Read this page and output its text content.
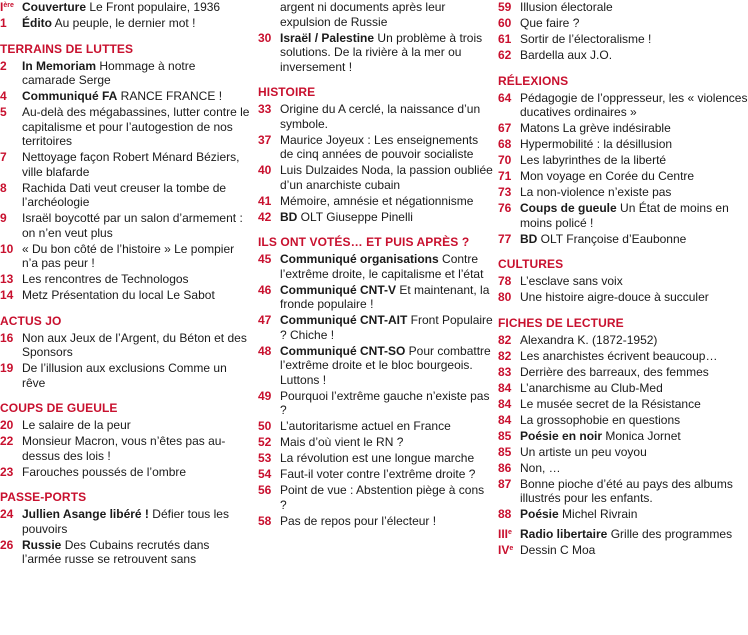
Ière Couverture Le Front populaire, 1936
1	Édito Au peuple, le dernier mot !
TERRAINS DE LUTTES
2	In Memoriam Hommage à notre camarade Serge
4	Communiqué FA RANCE FRANCE !
5	Au-delà des mégabassines, lutter contre le capitalisme et pour l’autogestion de nos territoires
7	Nettoyage façon Robert Ménard Béziers, ville blafarde
8	Rachida Dati veut creuser la tombe de l’archéologie
9	Israël boycotté par un salon d’armement : on n’en veut plus
10 « Du bon côté de l’histoire » Le pompier n’a pas peur !
13 Les rencontres de Technologos
14 Metz Présentation du local Le Sabot
ACTUS JO
16 Non aux Jeux de l’Argent, du Béton et des Sponsors
19 De l’illusion aux exclusions Comme un rêve
COUPS DE GUEULE
20 Le salaire de la peur
22 Monsieur Macron, vous n’êtes pas au-dessus des lois !
23 Farouches poussés de l’ombre
PASSE-PORTS
24 Jullien Asange libéré ! Défier tous les pouvoirs
26 Russie Des Cubains recrutés dans l’armée russe se retrouvent sans
argent ni documents après leur expulsion de Russie
30 Israël / Palestine Un problème à trois solutions. De la rivière à la mer ou inversement !
HISTOIRE
33 Origine du A cerclé, la naissance d’un symbole.
37 Maurice Joyeux : Les enseignements de cinq années de pouvoir socialiste
40 Luis Dulzaides Noda, la passion oubliée d’un anarchiste cubain
41 Mémoire, amnésie et négationnisme
42 BD OLT Giuseppe Pinelli
ILS ONT VOTÉS… ET PUIS APRÈS ?
45 Communiqué organisations Contre l’extrême droite, le capitalisme et l’état
46 Communiqué CNT-V Et maintenant, la fronde populaire !
47 Communiqué CNT-AIT Front Populaire ? Chiche !
48 Communiqué CNT-SO Pour combattre l’extrême droite et le bloc bourgeois. Luttons !
49 Pourquoi l’extrême gauche n’existe pas ?
50 L’autoritarisme actuel en France
52 Mais d’où vient le RN ?
53 La révolution est une longue marche
54 Faut-il voter contre l’extrême droite ?
56 Point de vue : Abstention piège à cons ?
58 Pas de repos pour l’électeur !
59 Illusion électorale
60 Que faire ?
61 Sortir de l’électoralisme !
62 Bardella aux J.O.
RÉLEXIONS
64 Pédagogie de l’oppresseur, les « violences ducatives ordinaires »
67 Matons La grève indésirable
68 Hypermobilité : la désillusion
70 Les labyrinthes de la liberté
71 Mon voyage en Corée du Centre
73 La non-violence n’existe pas
76 Coups de gueule Un État de moins en moins policé !
77 BD OLT Françoise d’Eaubonne
CULTURES
78 L’esclave sans voix
80 Une histoire aigre-douce à succuler
FICHES DE LECTURE
82 Alexandra K. (1872-1952)
82 Les anarchistes écrivent beaucoup…
83 Derrière des barreaux, des femmes
84 L’anarchisme au Club-Med
84 Le musée secret de la Résistance
84 La grossophobie en questions
85 Poésie en noir Monica Jornet
85 Un artiste un peu voyou
86 Non, …
87 Bonne pioche d’été au pays des albums illustrés pour les enfants.
88 Poésie Michel Rivrain
IIIe Radio libertaire Grille des programmes
IVe Dessin C Moa
